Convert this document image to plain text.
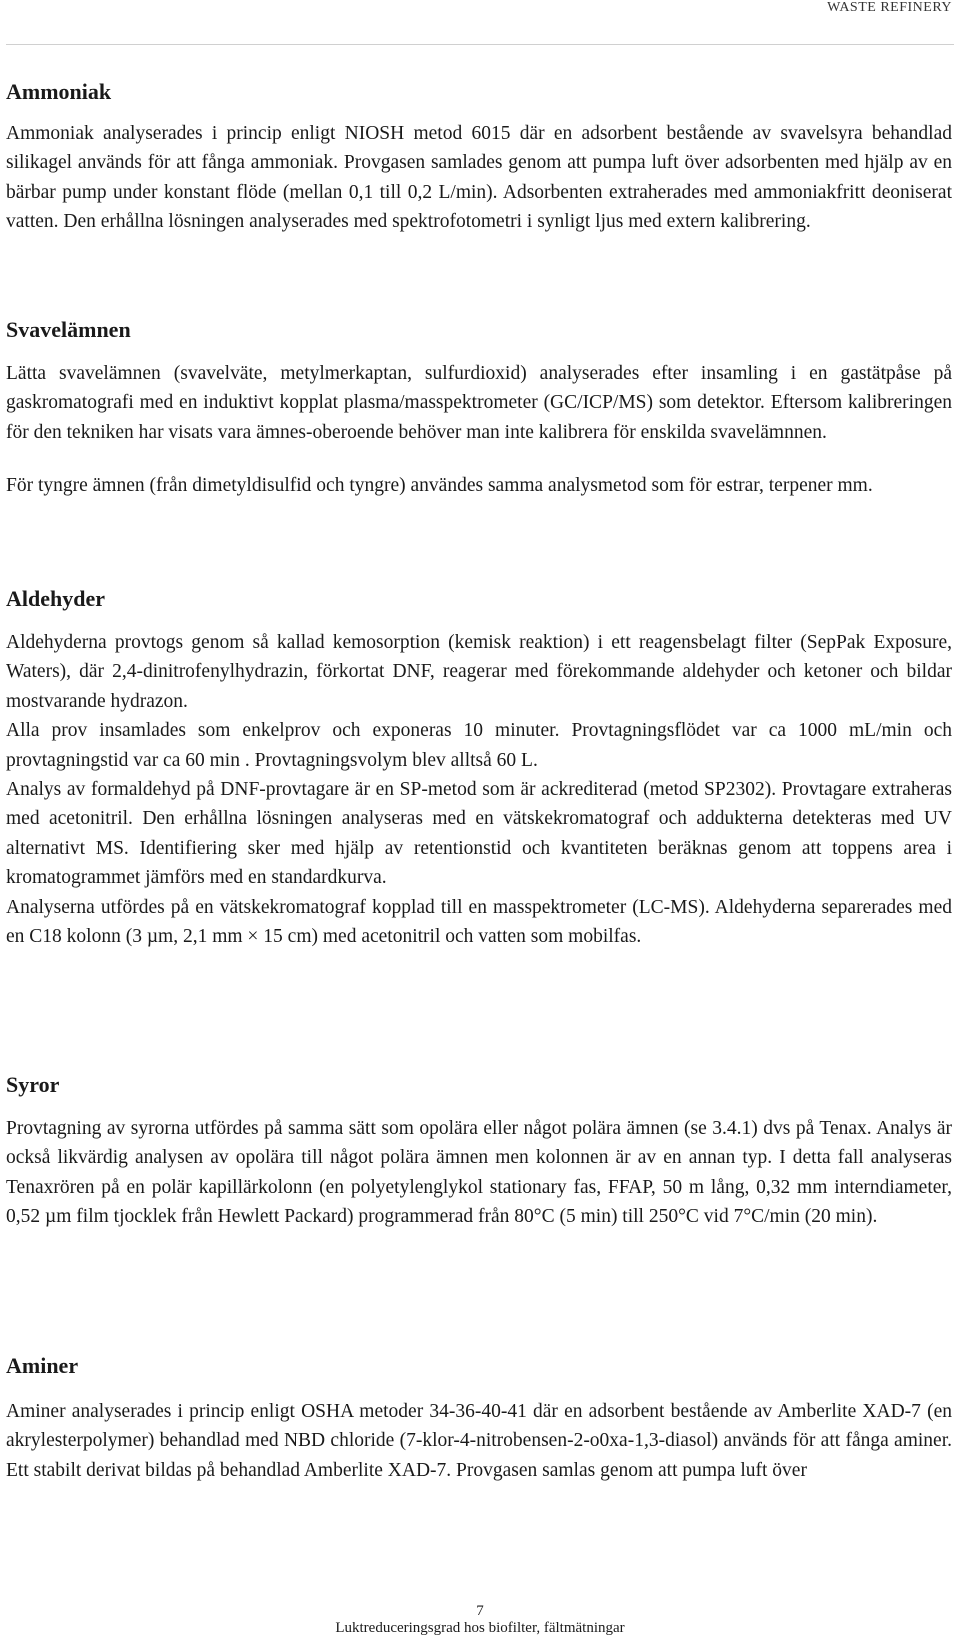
WASTE REFINERY
Ammoniak

Ammoniak analyserades i princip enligt NIOSH metod 6015 där en adsorbent bestående av svavelsyra behandlad silikagel används för att fånga ammoniak. Provgasen samlades genom att pumpa luft över adsorbenten med hjälp av en bärbar pump under konstant flöde (mellan 0,1 till 0,2 L/min). Adsorbenten extraherades med ammoniakfritt deoniserat vatten. Den erhållna lösningen analyserades med spektrofotometri i synligt ljus med extern kalibrering.

Svavelämnen

Lätta svavelämnen (svavelväte, metylmerkaptan, sulfurdioxid) analyserades efter insamling i en gastätpåse på gaskromatografi med en induktivt kopplat plasma/masspektrometer (GC/ICP/MS) som detektor. Eftersom kalibreringen för den tekniken har visats vara ämnes-oberoende behöver man inte kalibrera för enskilda svavelämnnen.

För tyngre ämnen (från dimetyldisulfid och tyngre) användes samma analysmetod som för estrar, terpener mm.

Aldehyder

Aldehyderna provtogs genom så kallad kemosorption (kemisk reaktion) i ett reagensbelagt filter (SepPak Exposure, Waters), där 2,4-dinitrofenylhydrazin, förkortat DNF, reagerar med förekommande aldehyder och ketoner och bildar mostvarande hydrazon.

Alla prov insamlades som enkelprov och exponeras 10 minuter. Provtagningsflödet var ca 1000 mL/min och provtagningstid var ca 60 min . Provtagningsvolym blev alltså 60 L.

Analys av formaldehyd på DNF-provtagare är en SP-metod som är ackrediterad (metod SP2302). Provtagare extraheras med acetonitril. Den erhållna lösningen analyseras med en vätskekromatograf och addukterna detekteras med UV alternativt MS. Identifiering sker med hjälp av retentionstid och kvantiteten beräknas genom att toppens area i kromatogrammet jämförs med en standardkurva.

Analyserna utfördes på en vätskekromatograf kopplad till en masspektrometer (LC-MS). Aldehyderna separerades med en C18 kolonn (3 µm, 2,1 mm × 15 cm) med acetonitril och vatten som mobilfas.

Syror

Provtagning av syrorna utfördes på samma sätt som opolära eller något polära ämnen (se 3.4.1) dvs på Tenax. Analys är också likvärdig analysen av opolära till något polära ämnen men kolonnen är av en annan typ. I detta fall analyseras Tenaxrören på en polär kapillärkolonn (en polyetylenglykol stationary fas, FFAP, 50 m lång, 0,32 mm interndiameter, 0,52 µm film tjocklek från Hewlett Packard) programmerad från 80°C (5 min) till 250°C vid 7°C/min (20 min).

Aminer

Aminer analyserades i princip enligt OSHA metoder 34-36-40-41 där en adsorbent bestående av Amberlite XAD-7 (en akrylesterpolymer) behandlad med NBD chloride (7-klor-4-nitrobensen-2-o0xa-1,3-diasol) används för att fånga aminer. Ett stabilt derivat bildas på behandlad Amberlite XAD-7. Provgasen samlas genom att pumpa luft över

7
Luktreduceringsgrad hos biofilter, fältmätningar
